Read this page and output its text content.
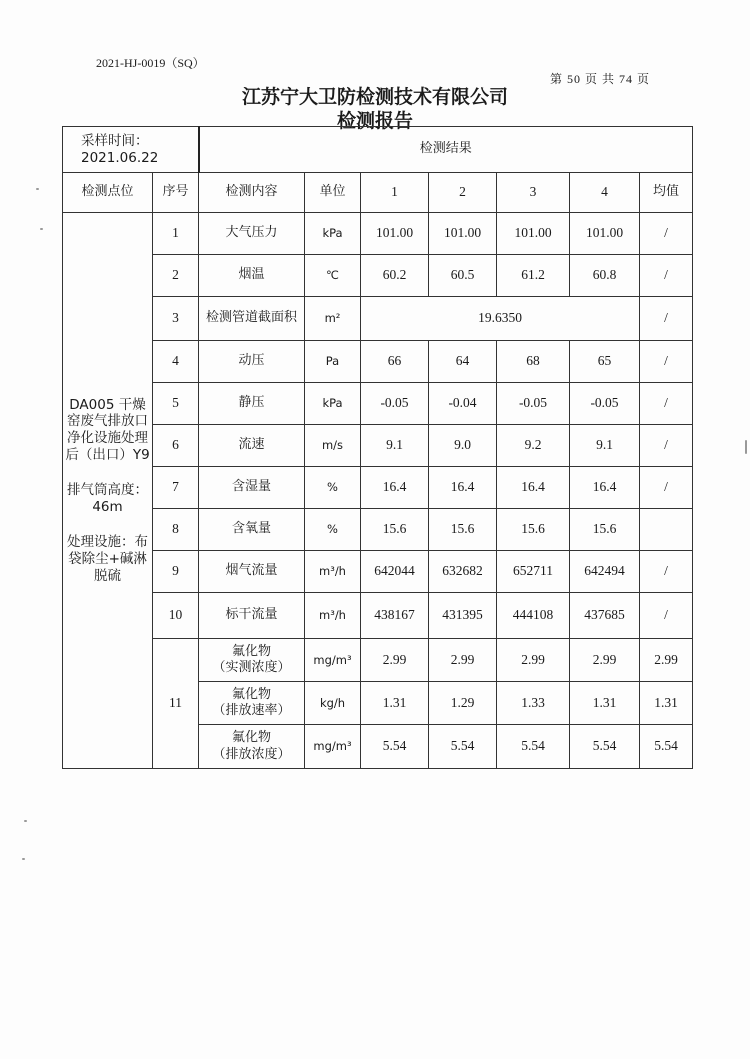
2021-HJ-0019（SQ）
第 50 页 共 74 页
江苏宁大卫防检测技术有限公司
检测报告
采样时间：
2021.06.22		检测结果						
检测点位	序号	检测内容	单位	1	2	3	4	均值

DA005 干燥窑废气排放口净化设施处理后（出口）Y9
排气筒高度：46m
处理设施：布袋除尘+碱淋脱硫	1	大气压力	kPa	101.00	101.00	101.00	101.00	/
	2	烟温	℃	60.2	60.5	61.2	60.8	/
	3	检测管道截面积	m²	19.6350				/
	4	动压	Pa	66	64	68	65	/
	5	静压	kPa	-0.05	-0.04	-0.05	-0.05	/
	6	流速	m/s	9.1	9.0	9.2	9.1	/
	7	含湿量	%	16.4	16.4	16.4	16.4	/
	8	含氧量	%	15.6	15.6	15.6	15.6	
	9	烟气流量	m³/h	642044	632682	652711	642494	/
	10	标干流量	m³/h	438167	431395	444108	437685	/
	11	氟化物
（实测浓度）	mg/m³	2.99	2.99	2.99	2.99	2.99

		氟化物
（排放速率）	kg/h	1.31	1.29	1.33	1.31	1.31

		氟化物
（排放浓度）	mg/m³	5.54	5.54	5.54	5.54	5.54
